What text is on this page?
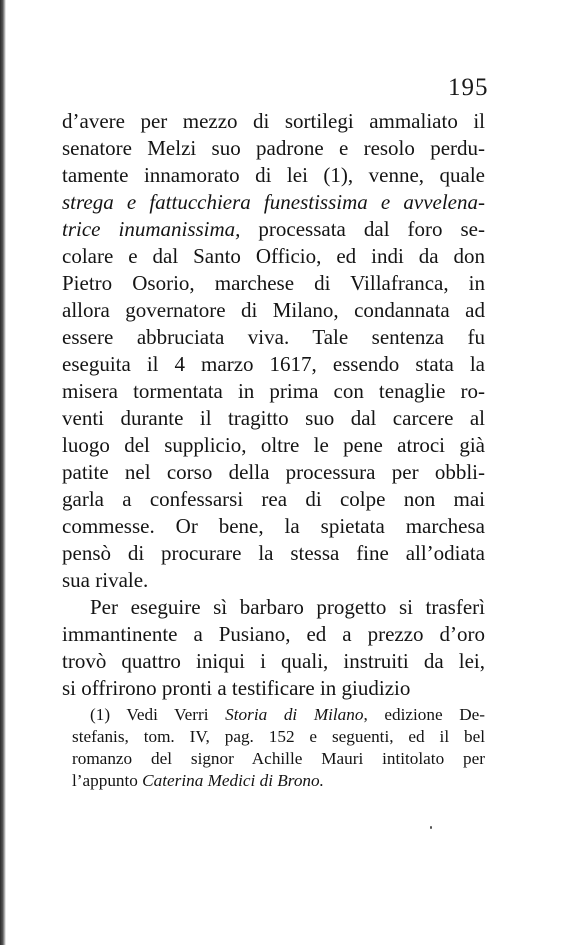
195
d’avere per mezzo di sortilegi ammaliato il
senatore Melzi suo padrone e resolo perdu-
tamente innamorato di lei (1), venne, quale
strega e fattucchiera funestissima e avvelena-
trice inumanissima, processata dal foro se-
colare e dal Santo Officio, ed indi da don
Pietro Osorio, marchese di Villafranca, in
allora governatore di Milano, condannata ad
essere abbruciata viva. Tale sentenza fu
eseguita il 4 marzo 1617, essendo stata la
misera tormentata in prima con tenaglie ro-
venti durante il tragitto suo dal carcere al
luogo del supplicio, oltre le pene atroci già
patite nel corso della processura per obbli-
garla a confessarsi rea di colpe non mai
commesse. Or bene, la spietata marchesa
pensò di procurare la stessa fine all’odiata
sua rivale.
Per eseguire sì barbaro progetto si trasferì
immantinente a Pusiano, ed a prezzo d’oro
trovò quattro iniqui i quali, instruiti da lei,
si offrirono pronti a testificare in giudizio
(1) Vedi Verri Storia di Milano, edizione De-
stefanis, tom. IV, pag. 152 e seguenti, ed il bel
romanzo del signor Achille Mauri intitolato per
l’appunto Caterina Medici di Brono.
